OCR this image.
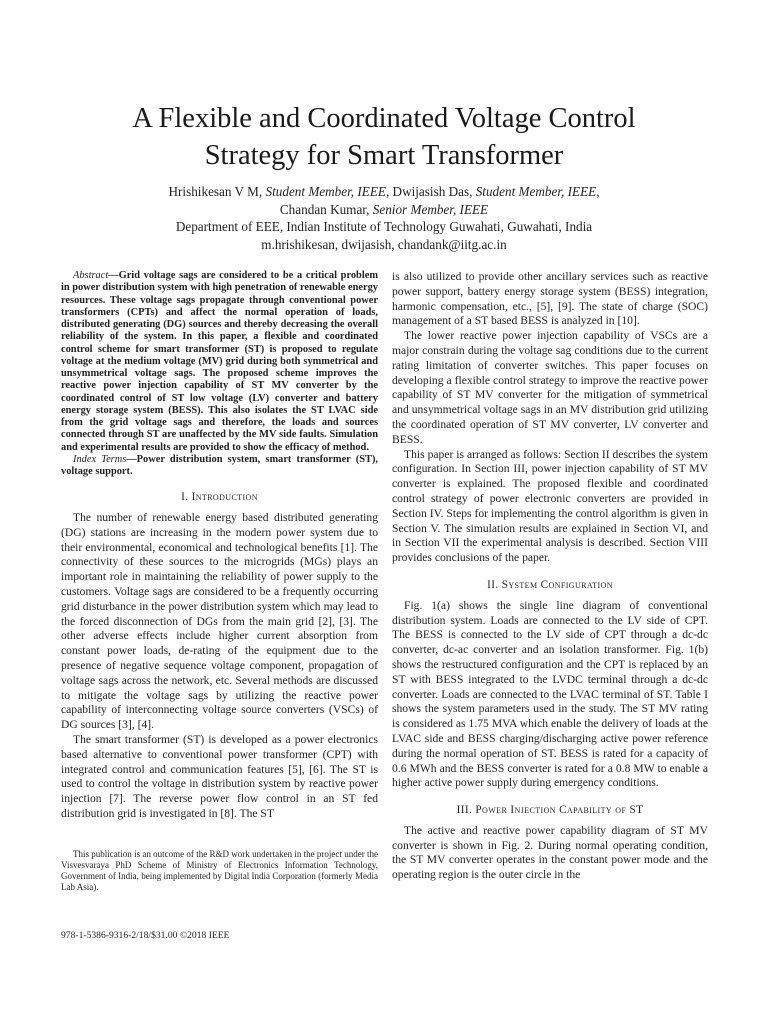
A Flexible and Coordinated Voltage Control
Strategy for Smart Transformer
Hrishikesan V M, Student Member, IEEE, Dwijasish Das, Student Member, IEEE,
Chandan Kumar, Senior Member, IEEE
Department of EEE, Indian Institute of Technology Guwahati, Guwahati, India
m.hrishikesan, dwijasish, chandank@iitg.ac.in

Abstract—Grid voltage sags are considered to be a critical problem in power distribution system with high penetration of renewable energy resources. These voltage sags propagate through conventional power transformers (CPTs) and affect the normal operation of loads, distributed generating (DG) sources and thereby decreasing the overall reliability of the system. In this paper, a flexible and coordinated control scheme for smart transformer (ST) is proposed to regulate voltage at the medium voltage (MV) grid during both symmetrical and unsymmetrical voltage sags. The proposed scheme improves the reactive power injection capability of ST MV converter by the coordinated control of ST low voltage (LV) converter and battery energy storage system (BESS). This also isolates the ST LVAC side from the grid voltage sags and therefore, the loads and sources connected through ST are unaffected by the MV side faults. Simulation and experimental results are provided to show the efficacy of method.

Index Terms—Power distribution system, smart transformer (ST), voltage support.

I. Introduction

The number of renewable energy based distributed generating (DG) stations are increasing in the modern power system due to their environmental, economical and technological benefits [1]. The connectivity of these sources to the microgrids (MGs) plays an important role in maintaining the reliability of power supply to the customers. Voltage sags are considered to be a frequently occurring grid disturbance in the power distribution system which may lead to the forced disconnection of DGs from the main grid [2], [3]. The other adverse effects include higher current absorption from constant power loads, de-rating of the equipment due to the presence of negative sequence voltage component, propagation of voltage sags across the network, etc. Several methods are discussed to mitigate the voltage sags by utilizing the reactive power capability of interconnecting voltage source converters (VSCs) of DG sources [3], [4].

The smart transformer (ST) is developed as a power electronics based alternative to conventional power transformer (CPT) with integrated control and communication features [5], [6]. The ST is used to control the voltage in distribution system by reactive power injection [7]. The reverse power flow control in an ST fed distribution grid is investigated in [8]. The ST

is also utilized to provide other ancillary services such as reactive power support, battery energy storage system (BESS) integration, harmonic compensation, etc., [5], [9]. The state of charge (SOC) management of a ST based BESS is analyzed in [10].

The lower reactive power injection capability of VSCs are a major constrain during the voltage sag conditions due to the current rating limitation of converter switches. This paper focuses on developing a flexible control strategy to improve the reactive power capability of ST MV converter for the mitigation of symmetrical and unsymmetrical voltage sags in an MV distribution grid utilizing the coordinated operation of ST MV converter, LV converter and BESS.

This paper is arranged as follows: Section II describes the system configuration. In Section III, power injection capability of ST MV converter is explained. The proposed flexible and coordinated control strategy of power electronic converters are provided in Section IV. Steps for implementing the control algorithm is given in Section V. The simulation results are explained in Section VI, and in Section VII the experimental analysis is described. Section VIII provides conclusions of the paper.

II. System Configuration

Fig. 1(a) shows the single line diagram of conventional distribution system. Loads are connected to the LV side of CPT. The BESS is connected to the LV side of CPT through a dc-dc converter, dc-ac converter and an isolation transformer. Fig. 1(b) shows the restructured configuration and the CPT is replaced by an ST with BESS integrated to the LVDC terminal through a dc-dc converter. Loads are connected to the LVAC terminal of ST. Table I shows the system parameters used in the study. The ST MV rating is considered as 1.75 MVA which enable the delivery of loads at the LVAC side and BESS charging/discharging active power reference during the normal operation of ST. BESS is rated for a capacity of 0.6 MWh and the BESS converter is rated for a 0.8 MW to enable a higher active power supply during emergency conditions.

III. Power Injection Capability of ST

The active and reactive power capability diagram of ST MV converter is shown in Fig. 2. During normal operating condition, the ST MV converter operates in the constant power mode and the operating region is the outer circle in the

This publication is an outcome of the R&D work undertaken in the project under the Visvesvaraya PhD Scheme of Ministry of Electronics Information Technology, Government of India, being implemented by Digital India Corporation (formerly Media Lab Asia).

978-1-5386-9316-2/18/$31.00 ©2018 IEEE
